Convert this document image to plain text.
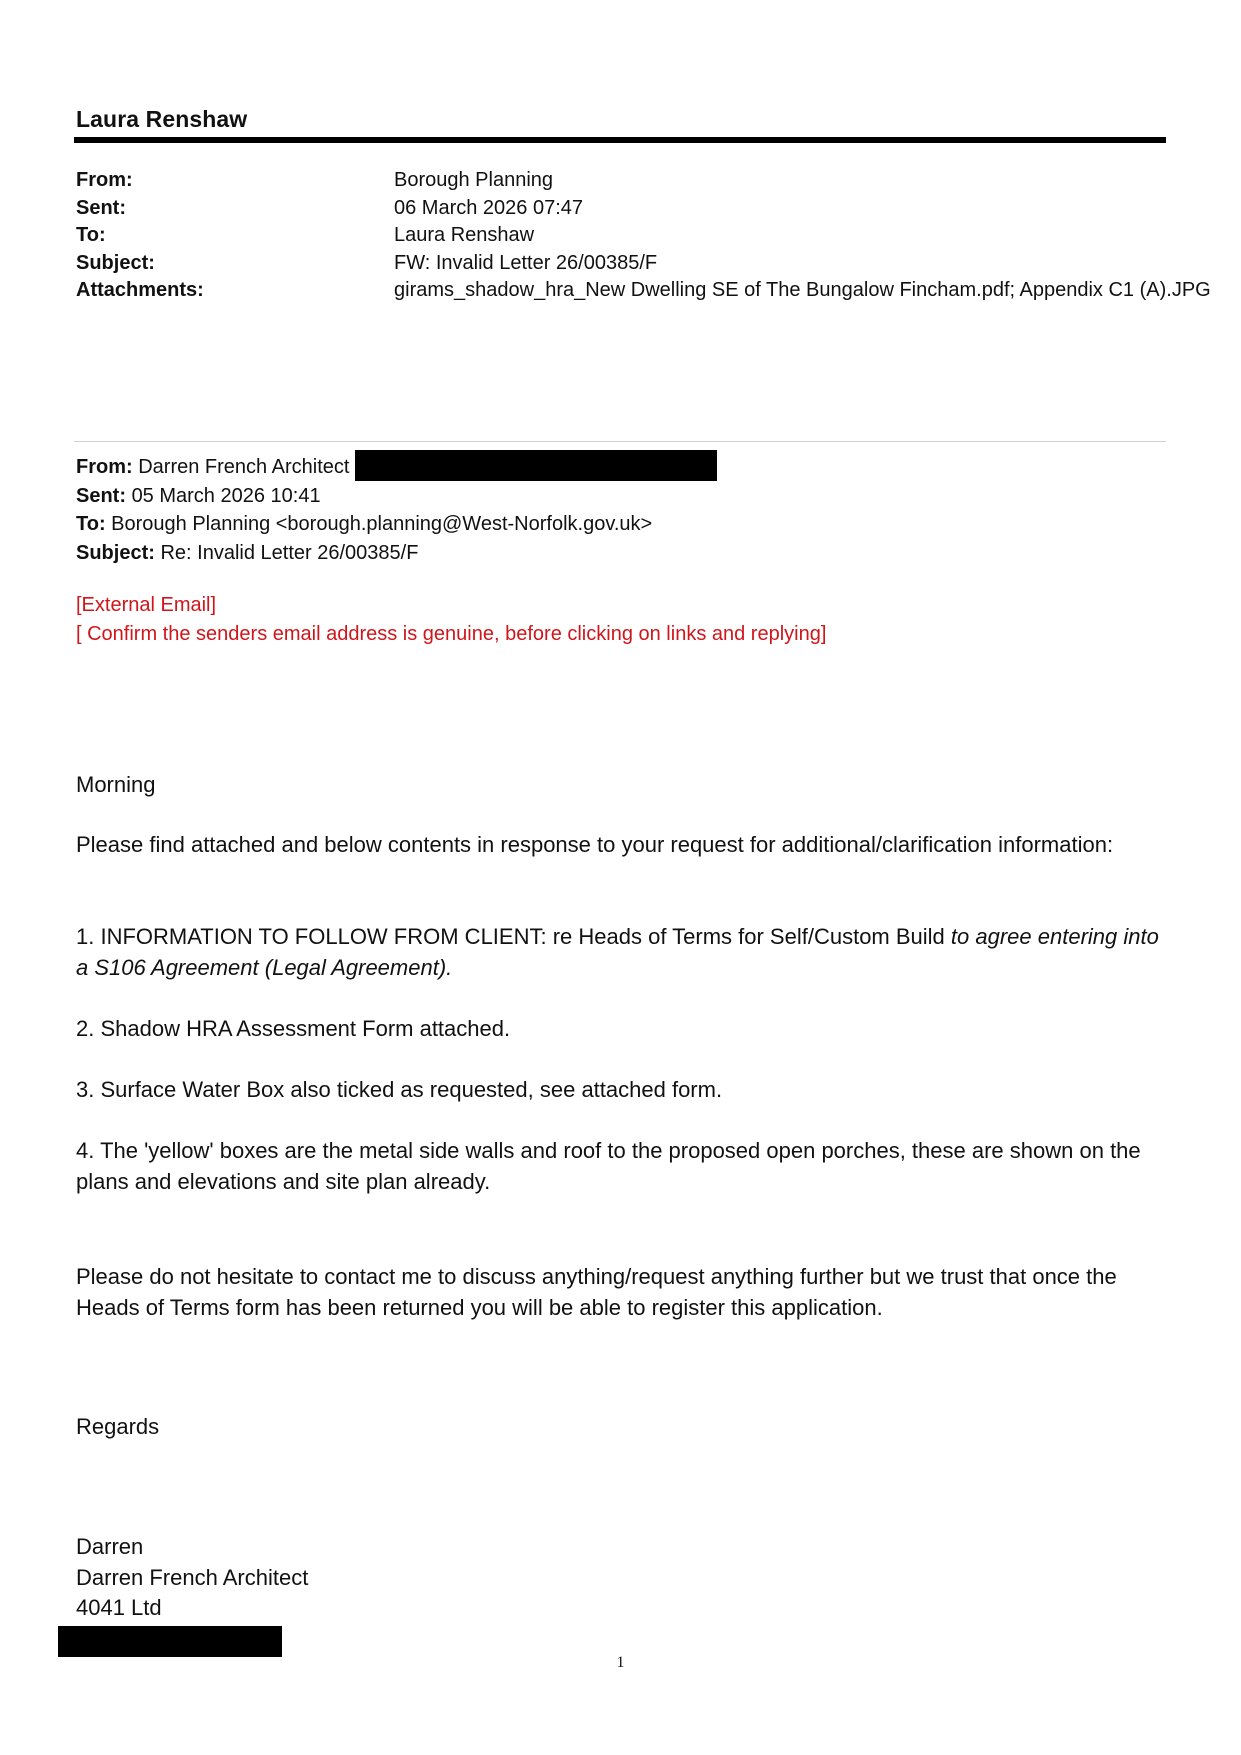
Laura Renshaw
From:	Borough Planning
Sent:	06 March 2026 07:47
To:	Laura Renshaw
Subject:	FW: Invalid Letter 26/00385/F
Attachments:	girams_shadow_hra_New Dwelling SE of The Bungalow Fincham.pdf; Appendix C1 (A).JPG
From: Darren French Architect
Sent: 05 March 2026 10:41
To: Borough Planning <borough.planning@West-Norfolk.gov.uk>
Subject: Re: Invalid Letter 26/00385/F
[External Email]
[ Confirm the senders email address is genuine, before clicking on links and replying]

Morning

Please find attached and below contents in response to your request for additional/clarification information:

1. INFORMATION TO FOLLOW FROM CLIENT: re Heads of Terms for Self/Custom Build to agree entering into a S106 Agreement (Legal Agreement).

2. Shadow HRA Assessment Form attached.

3. Surface Water Box also ticked as requested, see attached form.

4. The 'yellow' boxes are the metal side walls and roof to the proposed open porches, these are shown on the plans and elevations and site plan already.

Please do not hesitate to contact me to discuss anything/request anything further but we trust that once the Heads of Terms form has been returned you will be able to register this application.

Regards

Darren

Darren French Architect

4041 Ltd

1
